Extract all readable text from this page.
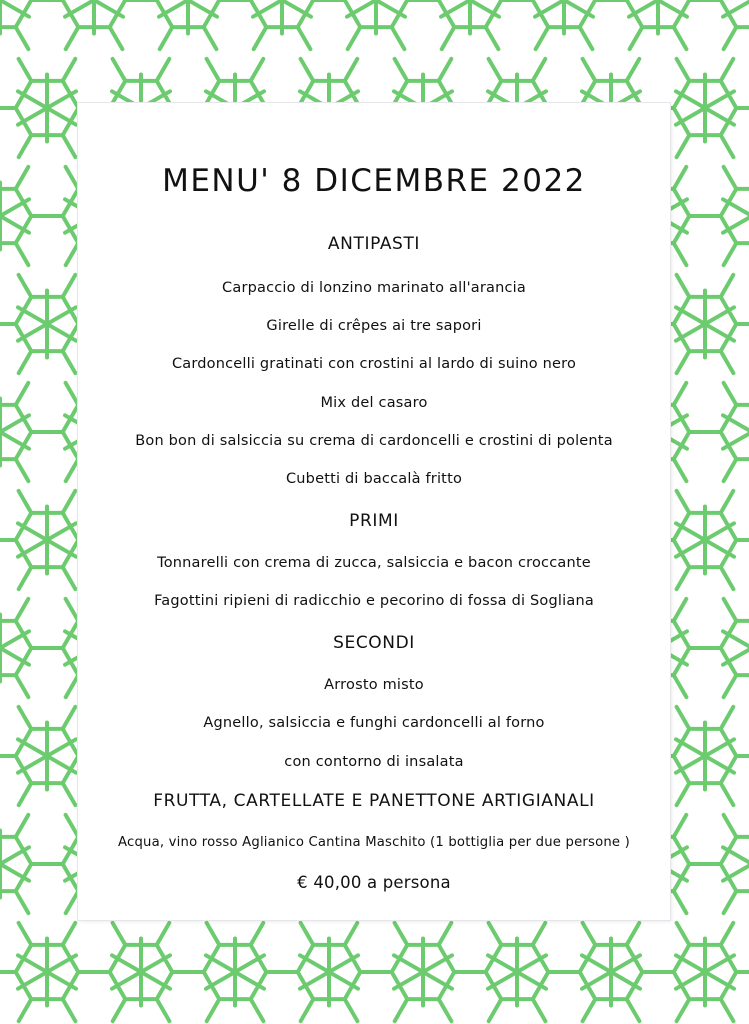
MENU' 8 DICEMBRE 2022
ANTIPASTI
Carpaccio di lonzino marinato all'arancia
Girelle di crêpes ai tre sapori
Cardoncelli gratinati con crostini al lardo di suino nero
Mix del casaro
Bon bon di salsiccia su crema di cardoncelli e crostini di polenta
Cubetti di baccalà fritto
PRIMI
Tonnarelli con crema di zucca, salsiccia e bacon croccante
Fagottini ripieni di radicchio e pecorino di fossa di Sogliana
SECONDI
Arrosto misto
Agnello, salsiccia e funghi cardoncelli al forno
con contorno di insalata
FRUTTA, CARTELLATE E PANETTONE ARTIGIANALI
Acqua, vino rosso Aglianico Cantina Maschito (1 bottiglia per due persone )
€ 40,00 a persona
